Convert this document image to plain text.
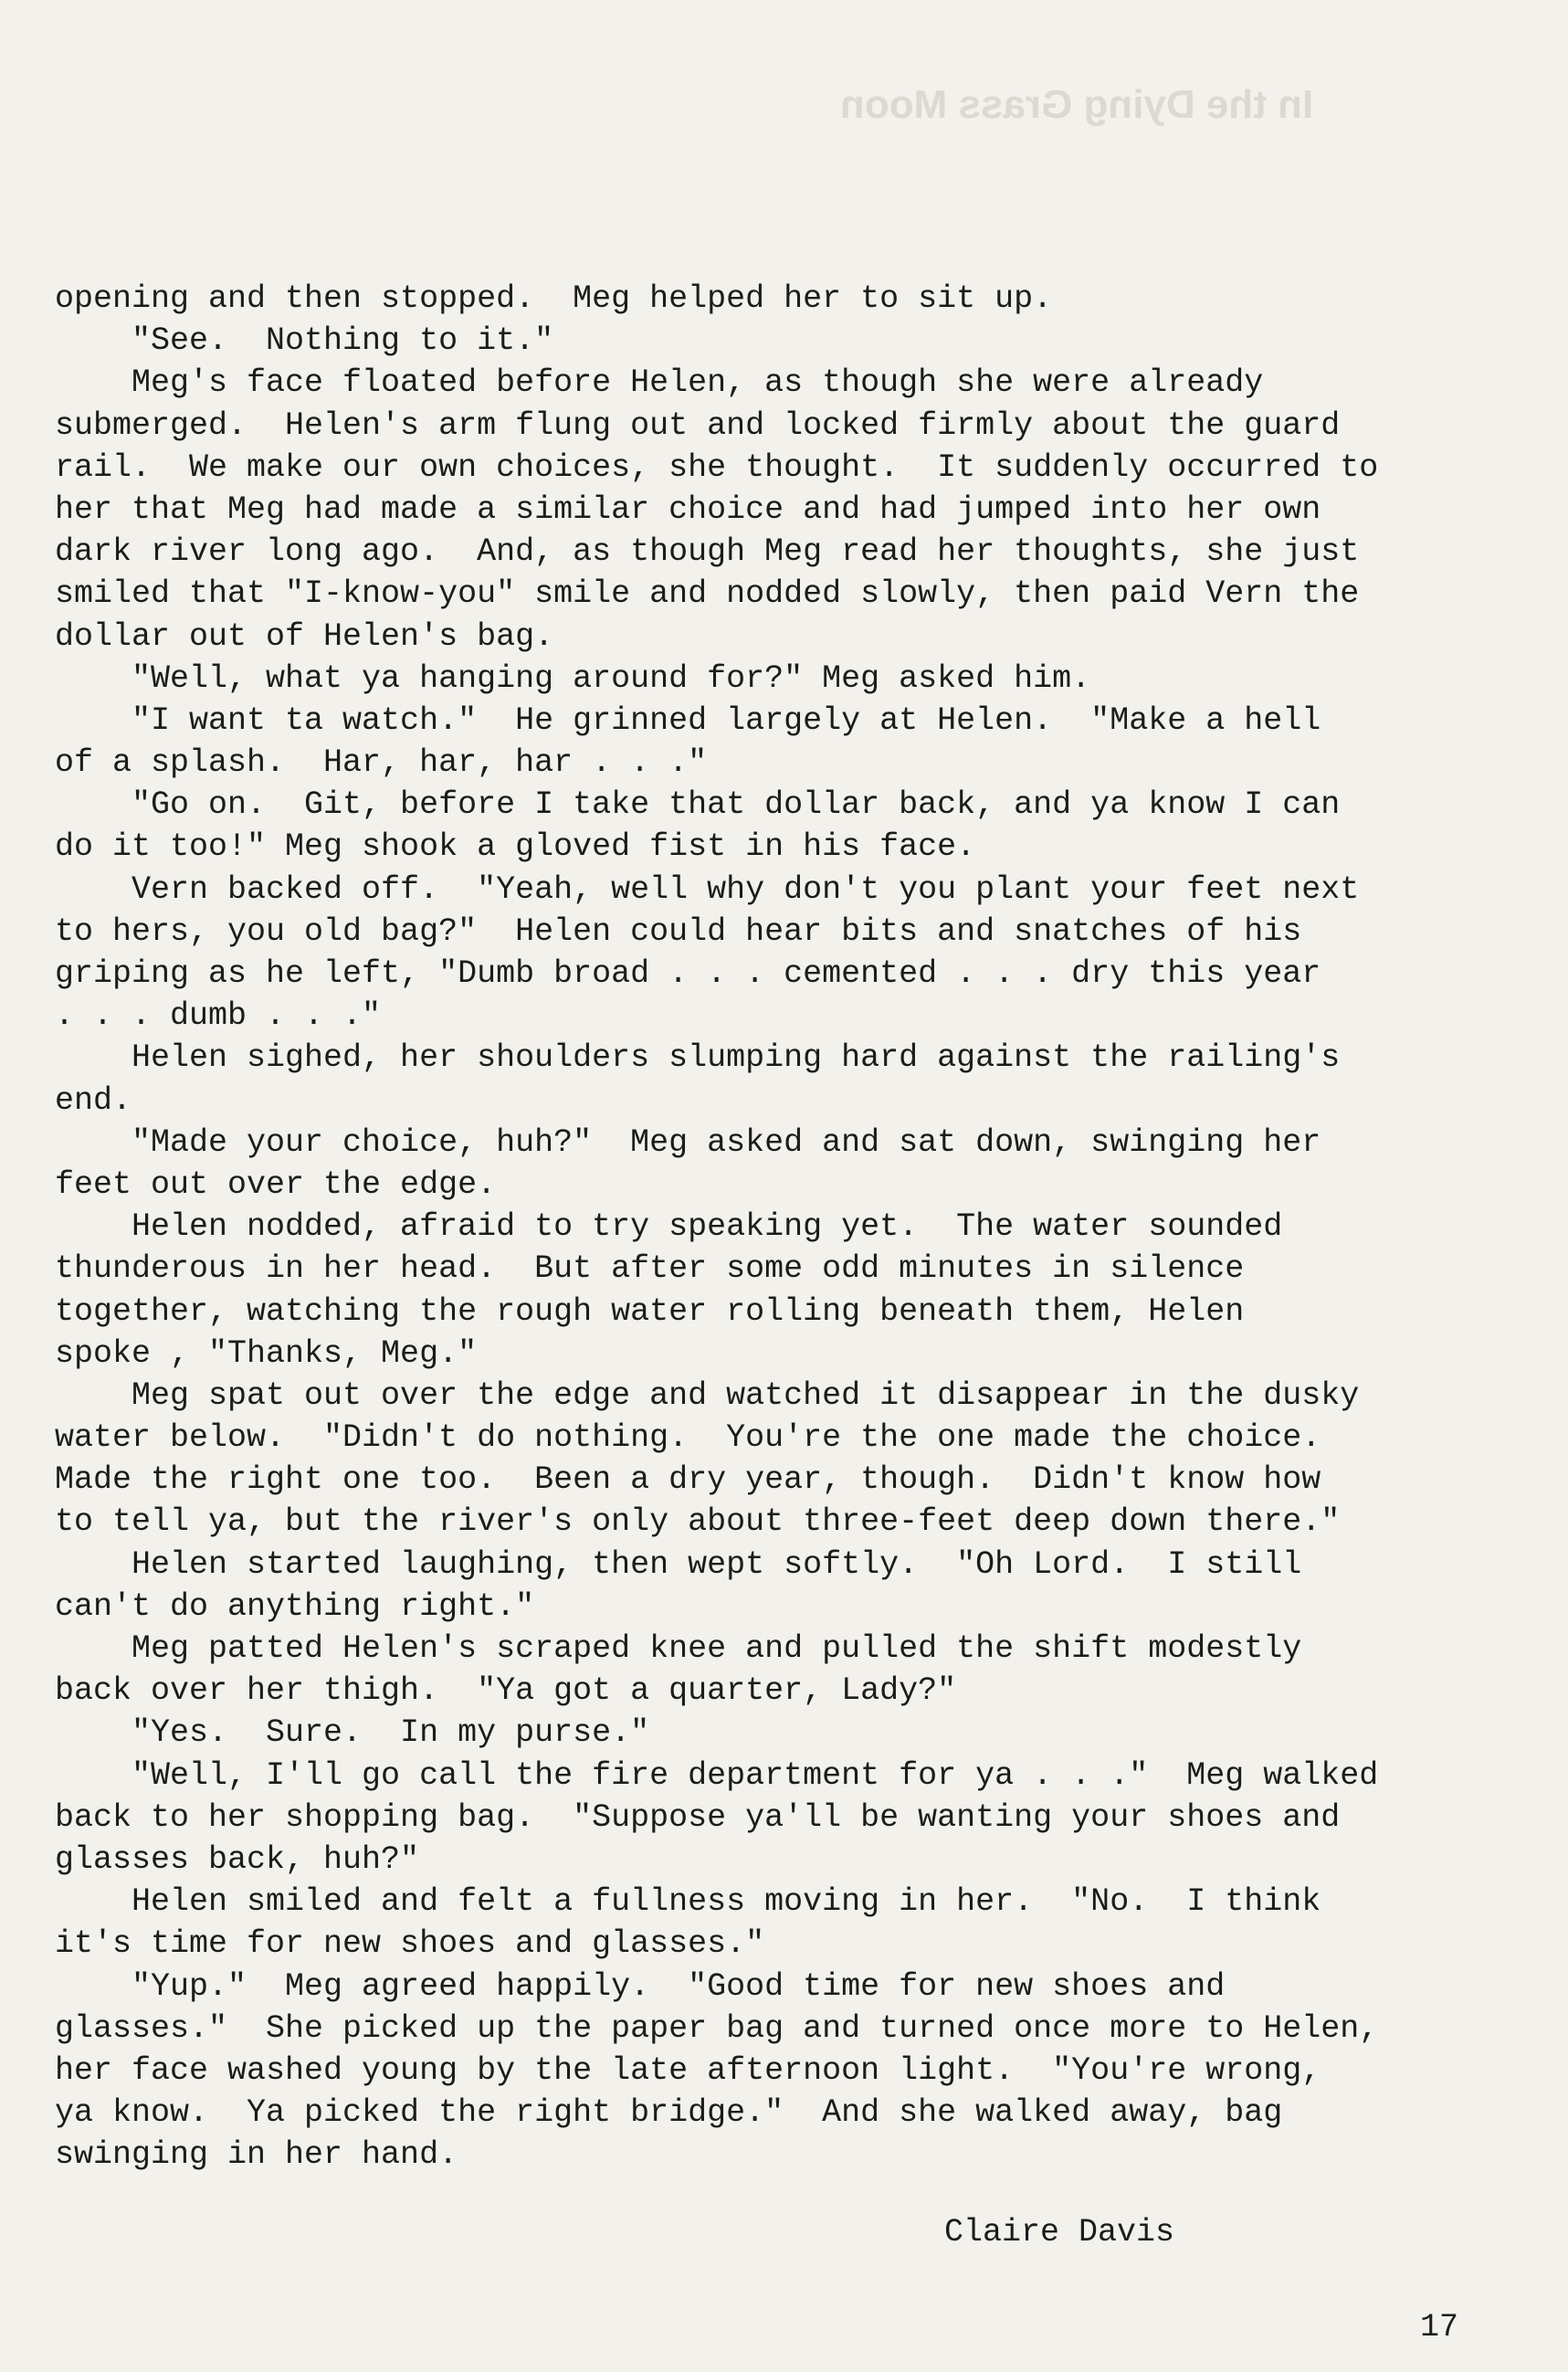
In the Dying Grass Moon
opening and then stopped.  Meg helped her to sit up.
"See.  Nothing to it."
Meg's face floated before Helen, as though she were already
submerged.  Helen's arm flung out and locked firmly about the guard
rail.  We make our own choices, she thought.  It suddenly occurred to
her that Meg had made a similar choice and had jumped into her own
dark river long ago.  And, as though Meg read her thoughts, she just
smiled that "I-know-you" smile and nodded slowly, then paid Vern the
dollar out of Helen's bag.
"Well, what ya hanging around for?" Meg asked him.
"I want ta watch."  He grinned largely at Helen.  "Make a hell
of a splash.  Har, har, har . . ."
"Go on.  Git, before I take that dollar back, and ya know I can
do it too!" Meg shook a gloved fist in his face.
Vern backed off.  "Yeah, well why don't you plant your feet next
to hers, you old bag?"  Helen could hear bits and snatches of his
griping as he left, "Dumb broad . . . cemented . . . dry this year
. . . dumb . . ."
Helen sighed, her shoulders slumping hard against the railing's
end.
"Made your choice, huh?"  Meg asked and sat down, swinging her
feet out over the edge.
Helen nodded, afraid to try speaking yet.  The water sounded
thunderous in her head.  But after some odd minutes in silence
together, watching the rough water rolling beneath them, Helen
spoke , "Thanks, Meg."
Meg spat out over the edge and watched it disappear in the dusky
water below.  "Didn't do nothing.  You're the one made the choice.
Made the right one too.  Been a dry year, though.  Didn't know how
to tell ya, but the river's only about three-feet deep down there."
Helen started laughing, then wept softly.  "Oh Lord.  I still
can't do anything right."
Meg patted Helen's scraped knee and pulled the shift modestly
back over her thigh.  "Ya got a quarter, Lady?"
"Yes.  Sure.  In my purse."
"Well, I'll go call the fire department for ya . . ."  Meg walked
back to her shopping bag.  "Suppose ya'll be wanting your shoes and
glasses back, huh?"
Helen smiled and felt a fullness moving in her.  "No.  I think
it's time for new shoes and glasses."
"Yup."  Meg agreed happily.  "Good time for new shoes and
glasses."  She picked up the paper bag and turned once more to Helen,
her face washed young by the late afternoon light.  "You're wrong,
ya know.  Ya picked the right bridge."  And she walked away, bag
swinging in her hand.
Claire Davis
17
